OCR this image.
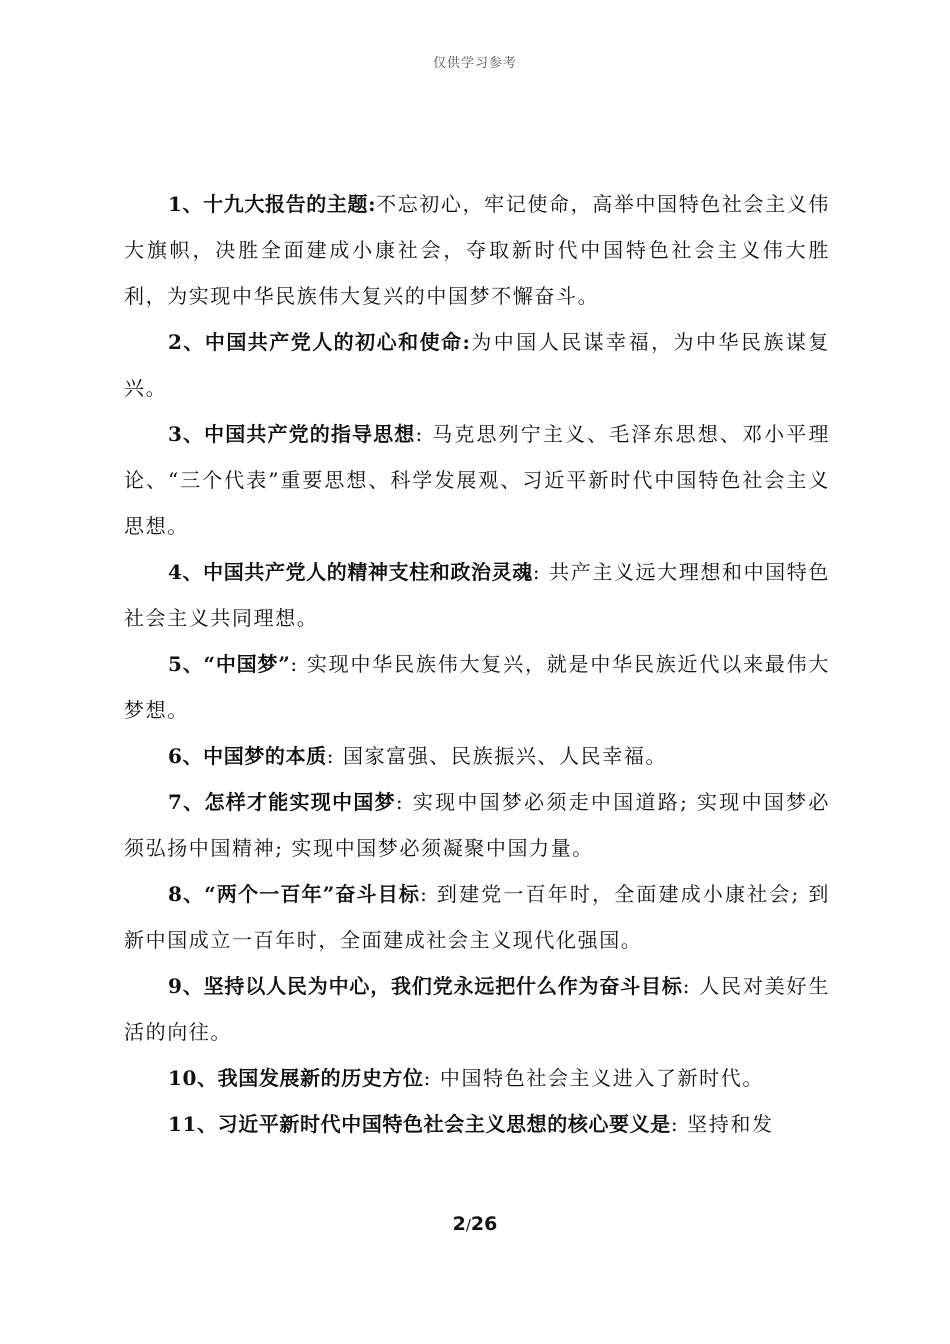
仅供学习参考

1、十九大报告的主题:不忘初心，牢记使命，高举中国特色社会主义伟大旗帜，决胜全面建成小康社会，夺取新时代中国特色社会主义伟大胜利，为实现中华民族伟大复兴的中国梦不懈奋斗。

2、中国共产党人的初心和使命:为中国人民谋幸福，为中华民族谋复兴。

3、中国共产党的指导思想: 马克思列宁主义、毛泽东思想、邓小平理论、“三个代表”重要思想、科学发展观、习近平新时代中国特色社会主义思想。

4、中国共产党人的精神支柱和政治灵魂: 共产主义远大理想和中国特色社会主义共同理想。

5、“中国梦”: 实现中华民族伟大复兴，就是中华民族近代以来最伟大梦想。

6、中国梦的本质: 国家富强、民族振兴、人民幸福。

7、怎样才能实现中国梦: 实现中国梦必须走中国道路; 实现中国梦必须弘扬中国精神; 实现中国梦必须凝聚中国力量。

8、“两个一百年”奋斗目标: 到建党一百年时，全面建成小康社会; 到新中国成立一百年时，全面建成社会主义现代化强国。

9、坚持以人民为中心，我们党永远把什么作为奋斗目标: 人民对美好生活的向往。

10、我国发展新的历史方位: 中国特色社会主义进入了新时代。

11、习近平新时代中国特色社会主义思想的核心要义是: 坚持和发

2/26
